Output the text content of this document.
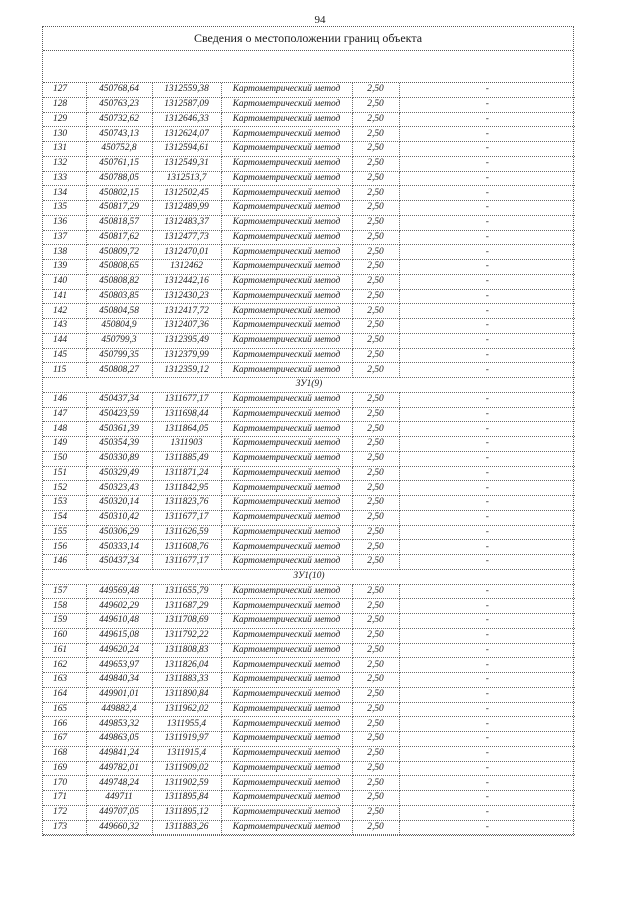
94
Сведения о местоположении границ объекта
127	450768,64	1312559,38	Картометрический метод	2,50	-
128	450763,23	1312587,09	Картометрический метод	2,50	-
129	450732,62	1312646,33	Картометрический метод	2,50	-
130	450743,13	1312624,07	Картометрический метод	2,50	-
131	450752,8	1312594,61	Картометрический метод	2,50	-
132	450761,15	1312549,31	Картометрический метод	2,50	-
133	450788,05	1312513,7	Картометрический метод	2,50	-
134	450802,15	1312502,45	Картометрический метод	2,50	-
135	450817,29	1312489,99	Картометрический метод	2,50	-
136	450818,57	1312483,37	Картометрический метод	2,50	-
137	450817,62	1312477,73	Картометрический метод	2,50	-
138	450809,72	1312470,01	Картометрический метод	2,50	-
139	450808,65	1312462	Картометрический метод	2,50	-
140	450808,82	1312442,16	Картометрический метод	2,50	-
141	450803,85	1312430,23	Картометрический метод	2,50	-
142	450804,58	1312417,72	Картометрический метод	2,50	-
143	450804,9	1312407,36	Картометрический метод	2,50	-
144	450799,3	1312395,49	Картометрический метод	2,50	-
145	450799,35	1312379,99	Картометрический метод	2,50	-
115	450808,27	1312359,12	Картометрический метод	2,50	-
ЗУ1(9)					
146	450437,34	1311677,17	Картометрический метод	2,50	-
147	450423,59	1311698,44	Картометрический метод	2,50	-
148	450361,39	1311864,05	Картометрический метод	2,50	-
149	450354,39	1311903	Картометрический метод	2,50	-
150	450330,89	1311885,49	Картометрический метод	2,50	-
151	450329,49	1311871,24	Картометрический метод	2,50	-
152	450323,43	1311842,95	Картометрический метод	2,50	-
153	450320,14	1311823,76	Картометрический метод	2,50	-
154	450310,42	1311677,17	Картометрический метод	2,50	-
155	450306,29	1311626,59	Картометрический метод	2,50	-
156	450333,14	1311608,76	Картометрический метод	2,50	-
146	450437,34	1311677,17	Картометрический метод	2,50	-
ЗУ1(10)					
157	449569,48	1311655,79	Картометрический метод	2,50	-
158	449602,29	1311687,29	Картометрический метод	2,50	-
159	449610,48	1311708,69	Картометрический метод	2,50	-
160	449615,08	1311792,22	Картометрический метод	2,50	-
161	449620,24	1311808,83	Картометрический метод	2,50	-
162	449653,97	1311826,04	Картометрический метод	2,50	-
163	449840,34	1311883,33	Картометрический метод	2,50	-
164	449901,01	1311890,84	Картометрический метод	2,50	-
165	449882,4	1311962,02	Картометрический метод	2,50	-
166	449853,32	1311955,4	Картометрический метод	2,50	-
167	449863,05	1311919,97	Картометрический метод	2,50	-
168	449841,24	1311915,4	Картометрический метод	2,50	-
169	449782,01	1311909,02	Картометрический метод	2,50	-
170	449748,24	1311902,59	Картометрический метод	2,50	-
171	449711	1311895,84	Картометрический метод	2,50	-
172	449707,05	1311895,12	Картометрический метод	2,50	-
173	449660,32	1311883,26	Картометрический метод	2,50	-
